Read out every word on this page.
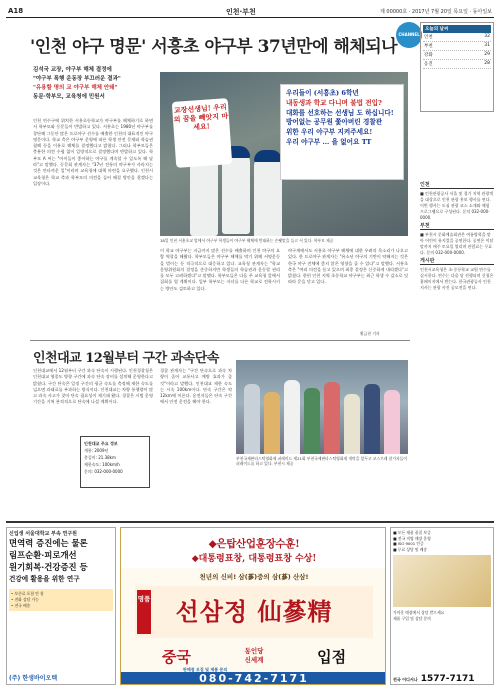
A18	인천·부천	제 00000호 · 2017년 7월 20일 목요일 · 동아일보
'인천 야구 명문' 서흥초 야구부 37년만에 해체되나
CHANNEL
오늘의 날씨
인천	32
부천	31
강화	29
옹진	28
김석국 교장, 야구부 해체 결정에
"야구부 폭행 운동장 부끄러운 결과"
"유용할 명의 교 야구부 해체 안돼"
동문·학부모, 교육청에 민원서
인천 연수구에 위치한 서흥초등학교가 야구부를 해체하기로 하면서 학부모와 동문들이 반발하고 있다. 서흥초는 1980년 야구부를 창단해 그동안 많은 프로야구 선수를 배출한 인천의 대표적인 야구 명문이다. 학교 측은 야구부 운영에 따른 학생 안전 문제와 학습권 침해 등을 이유로 해체를 결정했다고 밝혔다. 그러나 학부모들은 충분한 의견 수렴 없이 일방적으로 결정했다며 반발하고 있다. 학부모 A 씨는 "아이들이 좋아하는 야구를 계속할 수 있도록 해 달라"고 말했다. 동문회 관계자는 "37년 전통의 야구부가 사라지는 것은 안타까운 일"이라며 교육청에 대책 마련을 요구했다. 인천시교육청은 학교 측과 학부모의 의견을 들어 해결 방안을 찾겠다는 입장이다.
교장선생님! 우리의 꿈을 빼앗지 마세요!
우리들이 (서흥초) 6학년
내동생과 학교 다니며 불법 전입?
대화를 선호하는 선생님 도 하십니다!
방어없는 공무원 쫓아버린 경찰관
위한 우리 야구부 지켜주세요!
우리 야구부 ... 을 없어요 TT
18일 인천 서흥초교 앞에서 야구부 학생들이 야구부 해체에 반대하는 손팻말을 들고 서 있다. 학부모 제공
이 학교 야구부는 지금까지 많은 선수를 배출하며 인천 야구의 요람 역할을 해왔다. 학부모들은 야구부 해체를 막기 위해 서명운동을 벌이는 등 적극적으로 대응하고 있다. 교육청 관계자는 "학교 운영위원회의 결정을 존중하지만 학생들의 학습권과 운동할 권리를 모두 고려하겠다"고 말했다. 학부모들은 다음 주 교육청 앞에서 집회를 열 계획이다. 일부 학부모는 자녀를 다른 학교로 전학시키는 방안도 검토하고 있다.
야구계에서도 서흥초 야구부 해체에 대한 우려의 목소리가 나오고 있다. 한 프로야구 관계자는 "유소년 야구의 기반이 약해지는 것은 한국 야구 전체에 좋지 않은 영향을 줄 수 있다"고 말했다. 서흥초 측은 "여러 의견을 듣고 있으며 최종 결정은 신중하게 내리겠다"고 밝혔다. 한편 인천 지역 초등학교 야구부는 최근 학생 수 감소로 잇따라 문을 닫고 있다.
황금천 기자
인천
■ 인천관광공사 서울 및 경기 지역 관광객을 대상으로 인천 관광 홍보 행사를 연다. 이번 행사는 도심 관광 코스 소개와 체험 프로그램으로 구성된다. 문의 032-000-0000.
부천
■ 부천시 문화예술회관은 여름방학을 맞아 어린이 뮤지컬을 공연한다. 공연은 이달 말까지 매주 토요일 열리며 관람료는 무료다. 문의 032-000-0000.
게시판
인천시교육청은 초·중등학교 교원 연수를 실시한다. 연수는 다음 달 진행되며 신청은 홈페이지에서 받는다. 한국관광공사 인천지사는 관광 사진 공모전을 연다.
인천대교 12월부터 구간 과속단속
인천대교에서 12월부터 구간 과속 단속이 시행된다. 인천경찰청은 인천대교 영종도 방향 구간에 과속 단속 장비를 설치해 운영한다고 밝혔다. 구간 단속은 일정 구간의 평균 속도를 측정해 제한 속도를 넘으면 과태료를 부과하는 방식이다. 인천대교는 차량 통행량이 많고 과속 사고가 잦아 단속 필요성이 제기돼 왔다. 경찰은 시범 운영 기간을 거쳐 본격적으로 단속에 나설 계획이다.
경찰 관계자는 "구간 단속으로 과속 차량이 줄어 교통사고 예방 효과가 클 것"이라고 말했다. 인천대교 제한 속도는 시속 100km이다. 단속 구간은 약 12km에 이른다. 운전자들은 단속 구간에서 안전 운전을 해야 한다.
인천대교 주요 정보
개통: 2009년
총길이: 21.38km
제한속도: 100km/h
문의: 032-000-0000
부천국제판타스틱영화제 퍼레이드 제21회 부천국제판타스틱영화제 개막을 앞두고 코스프레 참가자들이 퍼레이드를 하고 있다. 부천시 제공
신입생 서울대학교 부속 연구원
면역력 증진에는 물론
림프순환·피로개선
원기회복·건강증진 등
건강에 활용을 위한 연구
• 보존료 포함 안 함
• 전화 상담 가능
• 전국 배송
(주) 한생바이오텍
◆은탑산업훈장수훈!
◆대통령표창, 대통령표창 수상!
천년의 신비! 삼(蔘)중의 삼(蔘) 산삼!
명품	선삼정 仙蔘精
중국	동인당
신세계	입점
판매점 모집 및 제품 문의
080-742-7171
■ 모든 제품 품질 보증
■ 전국 직영 매장 운영
■ ISO 9001 인증
■ 무료 상담 및 배송
가까운 매장에서 상담 받으세요
제품 구입 및 상담 문의
전국 어디서나 1577-7171
